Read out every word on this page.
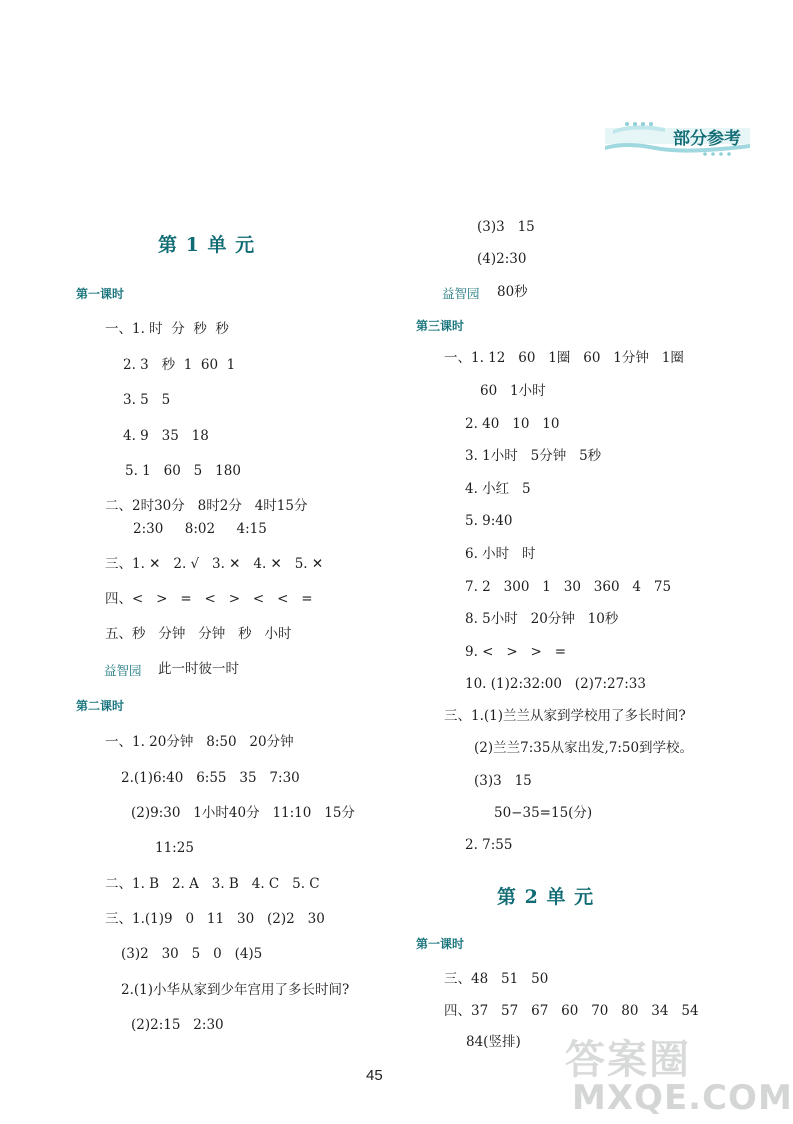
部分参考
第 1 单 元
第一课时
一、1. 时  分  秒  秒
2. 3   秒  1  60  1
3. 5   5
4. 9   35   18
5. 1   60   5   180
二、2时30分   8时2分   4时15分
2:30     8:02     4:15
三、1. ✕   2. √   3. ✕   4. ✕   5. ✕
四、<   >   =   <   >   <   <   =
五、秒   分钟   分钟   秒   小时
益智园 此一时彼一时
第二课时
一、1. 20分钟   8:50   20分钟
2.(1)6:40   6:55   35   7:30
(2)9:30   1小时40分   11:10   15分
11:25
二、1. B   2. A   3. B   4. C   5. C
三、1.(1)9   0   11   30   (2)2   30
(3)2   30   5   0   (4)5
2.(1)小华从家到少年宫用了多长时间?
(2)2:15   2:30
(3)3   15
(4)2:30
益智园 80秒
第三课时
一、1. 12   60   1圈   60   1分钟   1圈
60   1小时
2. 40   10   10
3. 1小时   5分钟   5秒
4. 小红   5
5. 9:40
6. 小时   时
7. 2   300   1   30   360   4   75
8. 5小时   20分钟   10秒
9. <   >   >   =
10. (1)2:32:00   (2)7:27:33
三、1.(1)兰兰从家到学校用了多长时间?
(2)兰兰7:35从家出发,7:50到学校。
(3)3   15
50−35=15(分)
2. 7:55
第 2 单 元
第一课时
三、48   51   50
四、37   57   67   60   70   80   34   54
84(竖排)
45	答案圈
MXQE.COM
